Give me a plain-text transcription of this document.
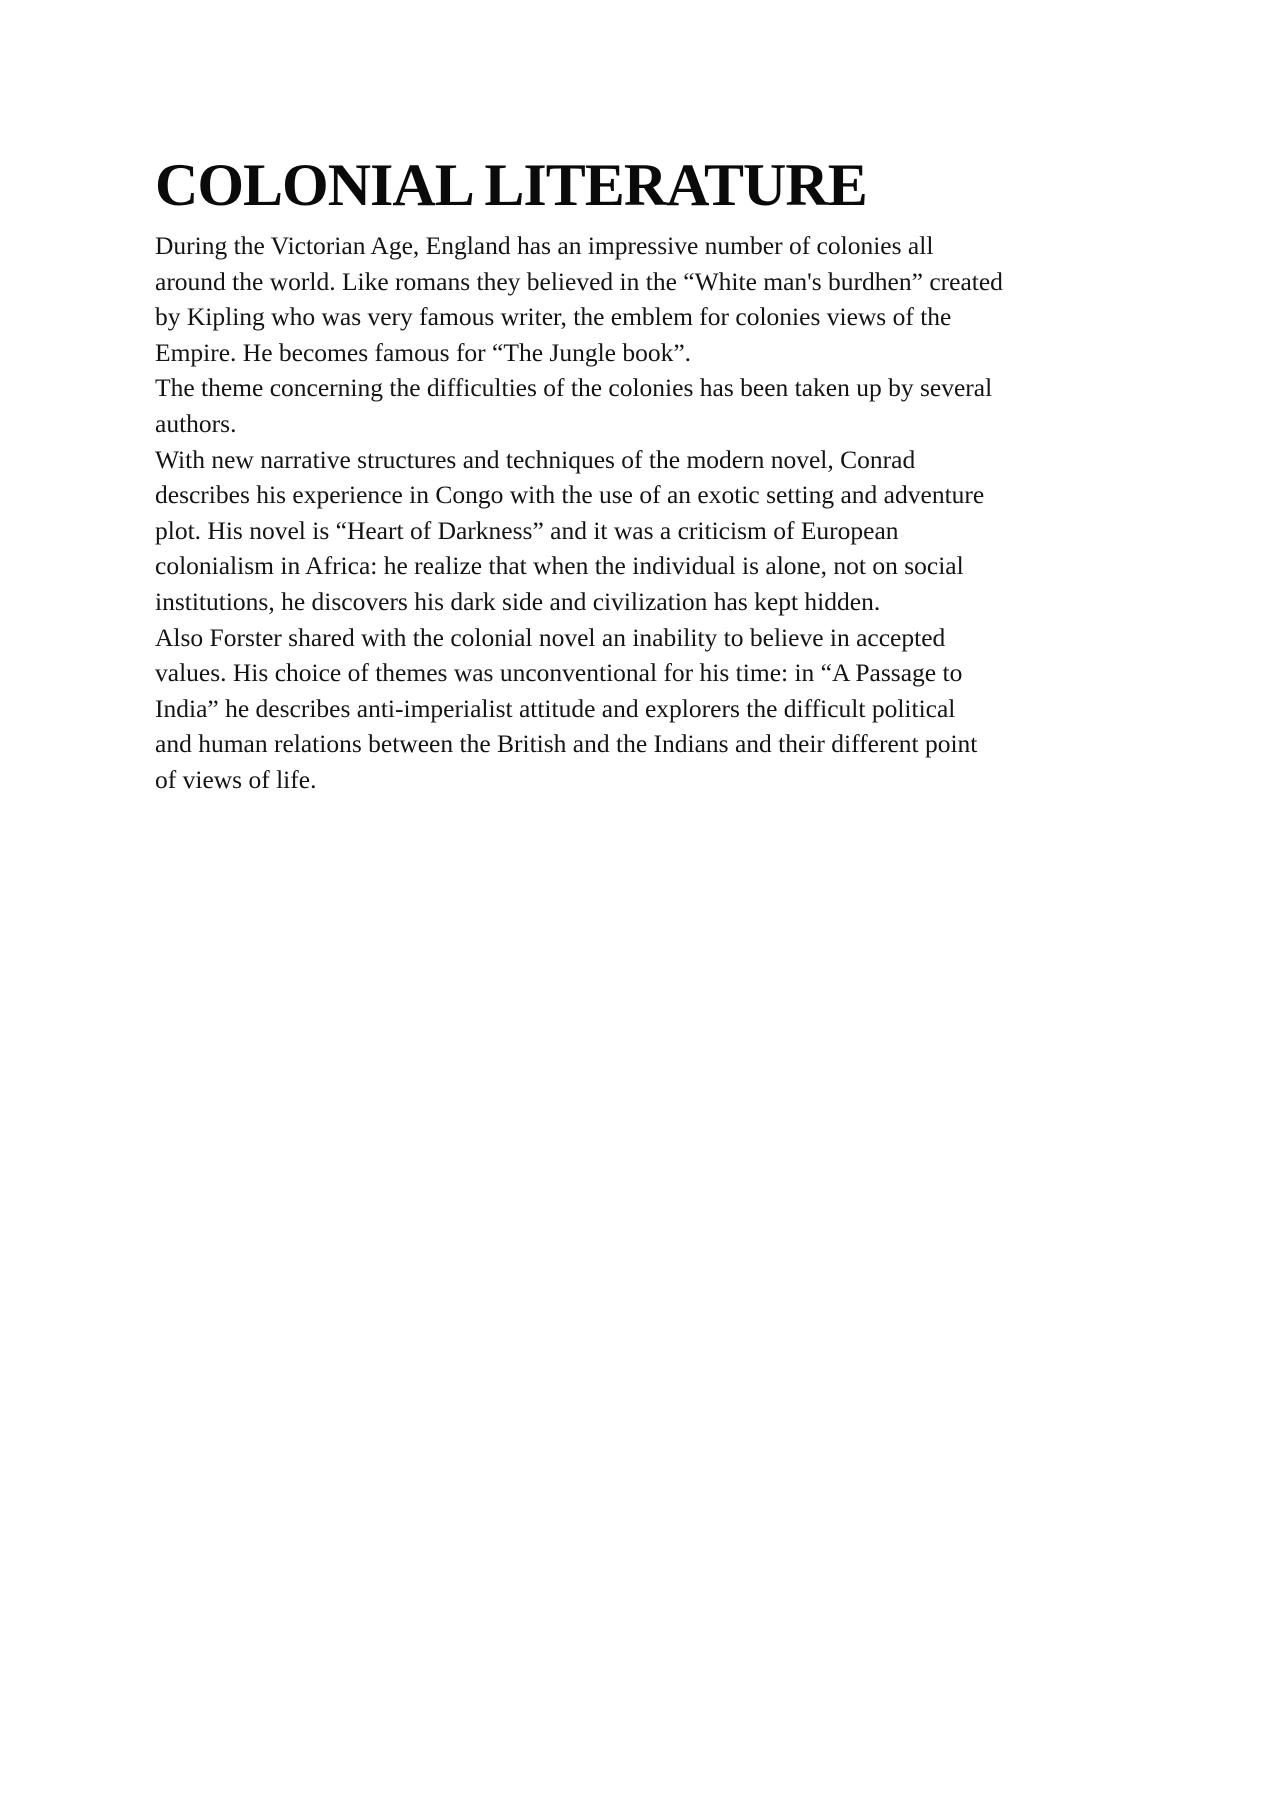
COLONIAL LITERATURE

During the Victorian Age, England has an impressive number of colonies all
around the world. Like romans they believed in the “White man's burdhen” created
by Kipling who was very famous writer, the emblem for colonies views of the
Empire. He becomes famous for “The Jungle book”.
The theme concerning the difficulties of the colonies has been taken up by several
authors.
With new narrative structures and techniques of the modern novel, Conrad
describes his experience in Congo with the use of an exotic setting and adventure
plot. His novel is “Heart of Darkness” and it was a criticism of European
colonialism in Africa: he realize that when the individual is alone, not on social
institutions, he discovers his dark side and civilization has kept hidden.
Also Forster shared with the colonial novel an inability to believe in accepted
values. His choice of themes was unconventional for his time: in “A Passage to
India” he describes anti-imperialist attitude and explorers the difficult political
and human relations between the British and the Indians and their different point
of views of life.
